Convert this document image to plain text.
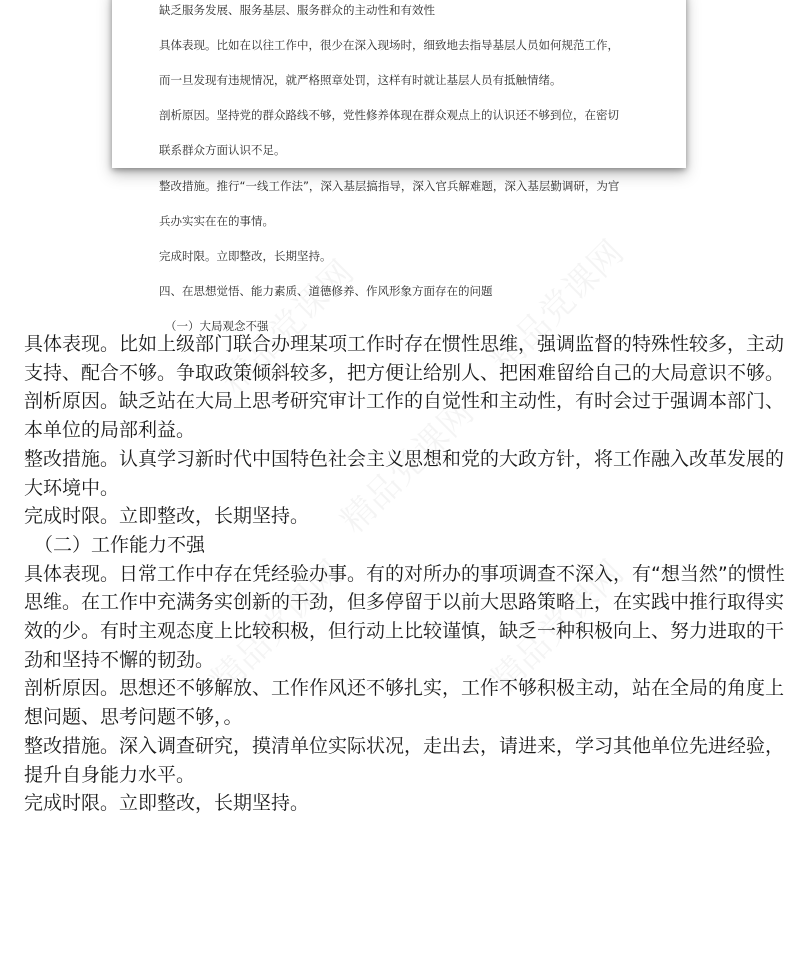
缺乏服务发展、服务基层、服务群众的主动性和有效性

具体表现。比如在以往工作中，很少在深入现场时，细致地去指导基层人员如何规范工作，

而一旦发现有违规情况，就严格照章处罚，这样有时就让基层人员有抵触情绪。

剖析原因。坚持党的群众路线不够，党性修养体现在群众观点上的认识还不够到位，在密切

联系群众方面认识不足。

整改措施。推行“一线工作法”，深入基层搞指导，深入官兵解难题，深入基层勤调研，为官

兵办实实在在的事情。

完成时限。立即整改，长期坚持。

四、在思想觉悟、能力素质、道德修养、作风形象方面存在的问题

（一）大局观念不强

具体表现。比如上级部门联合办理某项工作时存在惯性思维，强调监督的特殊性较多，主动
支持、配合不够。争取政策倾斜较多，把方便让给别人、把困难留给自己的大局意识不够。
剖析原因。缺乏站在大局上思考研究审计工作的自觉性和主动性，有时会过于强调本部门、
本单位的局部利益。
整改措施。认真学习新时代中国特色社会主义思想和党的大政方针，将工作融入改革发展的
大环境中。
完成时限。立即整改，长期坚持。
（二）工作能力不强
具体表现。日常工作中存在凭经验办事。有的对所办的事项调查不深入，有“想当然”的惯性
思维。在工作中充满务实创新的干劲，但多停留于以前大思路策略上，在实践中推行取得实
效的少。有时主观态度上比较积极，但行动上比较谨慎，缺乏一种积极向上、努力进取的干
劲和坚持不懈的韧劲。
剖析原因。思想还不够解放、工作作风还不够扎实，工作不够积极主动，站在全局的角度上
想问题、思考问题不够，。
整改措施。深入调查研究，摸清单位实际状况，走出去，请进来，学习其他单位先进经验，
提升自身能力水平。
完成时限。立即整改，长期坚持。
